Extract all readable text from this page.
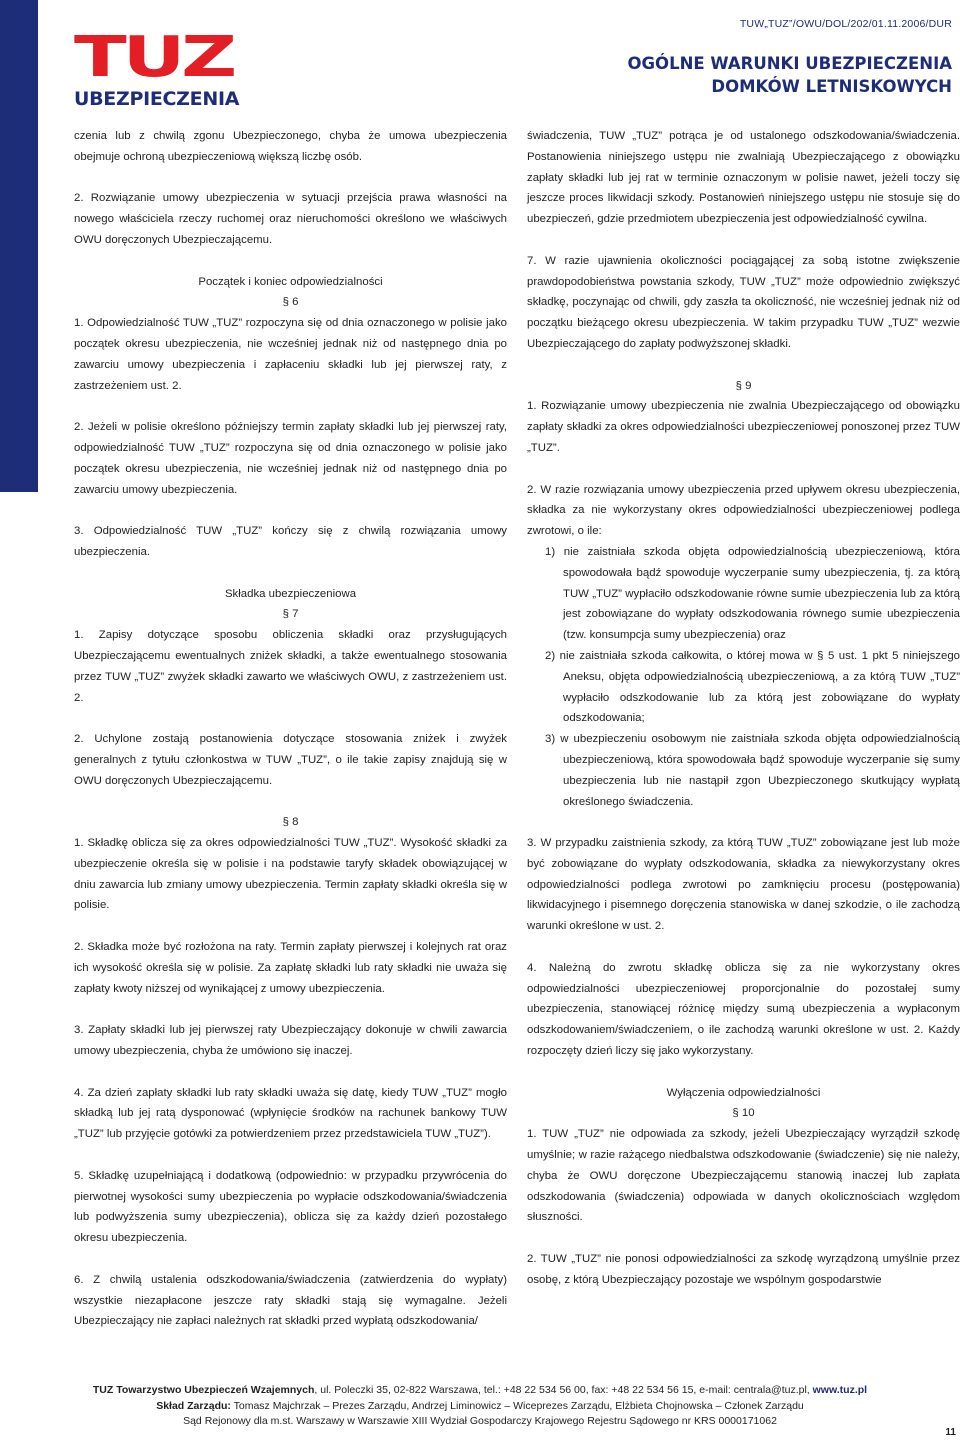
TUZ
UBEZPIECZENIA
TUW„TUZ”/OWU/DOL/202/01.11.2006/DUR
OGÓLNE WARUNKI UBEZPIECZENIA
DOMKÓW LETNISKOWYCH

czenia lub z chwilą zgonu Ubezpieczonego, chyba że umowa ubezpieczenia obejmuje ochroną ubezpieczeniową większą liczbę osób.

2. Rozwiązanie umowy ubezpieczenia w sytuacji przejścia prawa własności na nowego właściciela rzeczy ruchomej oraz nieruchomości określono we właściwych OWU doręczonych Ubezpieczającemu.

Początek i koniec odpowiedzialności

§ 6

1. Odpowiedzialność TUW „TUZ” rozpoczyna się od dnia oznaczonego w polisie jako początek okresu ubezpieczenia, nie wcześniej jednak niż od następnego dnia po zawarciu umowy ubezpieczenia i zapłaceniu składki lub jej pierwszej raty, z zastrzeżeniem ust. 2.

2. Jeżeli w polisie określono późniejszy termin zapłaty składki lub jej pierwszej raty, odpowiedzialność TUW „TUZ” rozpoczyna się od dnia oznaczonego w polisie jako początek okresu ubezpieczenia, nie wcześniej jednak niż od następnego dnia po zawarciu umowy ubezpieczenia.

3. Odpowiedzialność TUW „TUZ” kończy się z chwilą rozwiązania umowy ubezpieczenia.

Składka ubezpieczeniowa

§ 7

1. Zapisy dotyczące sposobu obliczenia składki oraz przysługujących Ubezpieczającemu ewentualnych zniżek składki, a także ewentualnego stosowania przez TUW „TUZ” zwyżek składki zawarto we właściwych OWU, z zastrzeżeniem ust. 2.

2. Uchylone zostają postanowienia dotyczące stosowania zniżek i zwyżek generalnych z tytułu członkostwa w TUW „TUZ”, o ile takie zapisy znajdują się w OWU doręczonych Ubezpieczającemu.

§ 8

1. Składkę oblicza się za okres odpowiedzialności TUW „TUZ”. Wysokość składki za ubezpieczenie określa się w polisie i na podstawie taryfy składek obowiązującej w dniu zawarcia lub zmiany umowy ubezpieczenia. Termin zapłaty składki określa się w polisie.

2. Składka może być rozłożona na raty. Termin zapłaty pierwszej i kolejnych rat oraz ich wysokość określa się w polisie. Za zapłatę składki lub raty składki nie uważa się zapłaty kwoty niższej od wynikającej z umowy ubezpieczenia.

3. Zapłaty składki lub jej pierwszej raty Ubezpieczający dokonuje w chwili zawarcia umowy ubezpieczenia, chyba że umówiono się inaczej.

4. Za dzień zapłaty składki lub raty składki uważa się datę, kiedy TUW „TUZ” mogło składką lub jej ratą dysponować (wpłynięcie środków na rachunek bankowy TUW „TUZ” lub przyjęcie gotówki za potwierdzeniem przez przedstawiciela TUW „TUZ”).

5. Składkę uzupełniającą i dodatkową (odpowiednio: w przypadku przywrócenia do pierwotnej wysokości sumy ubezpieczenia po wypłacie odszkodowania/świadczenia lub podwyższenia sumy ubezpieczenia), oblicza się za każdy dzień pozostałego okresu ubezpieczenia.

6. Z chwilą ustalenia odszkodowania/świadczenia (zatwierdzenia do wypłaty) wszystkie niezapłacone jeszcze raty składki stają się wymagalne. Jeżeli Ubezpieczający nie zapłaci należnych rat składki przed wypłatą odszkodowania/

świadczenia, TUW „TUZ” potrąca je od ustalonego odszkodowania/świadczenia. Postanowienia niniejszego ustępu nie zwalniają Ubezpieczającego z obowiązku zapłaty składki lub jej rat w terminie oznaczonym w polisie nawet, jeżeli toczy się jeszcze proces likwidacji szkody. Postanowień niniejszego ustępu nie stosuje się do ubezpieczeń, gdzie przedmiotem ubezpieczenia jest odpowiedzialność cywilna.

7. W razie ujawnienia okoliczności pociągającej za sobą istotne zwiększenie prawdopodobieństwa powstania szkody, TUW „TUZ” może odpowiednio zwiększyć składkę, poczynając od chwili, gdy zaszła ta okoliczność, nie wcześniej jednak niż od początku bieżącego okresu ubezpieczenia. W takim przypadku TUW „TUZ” wezwie Ubezpieczającego do zapłaty podwyższonej składki.

§ 9

1. Rozwiązanie umowy ubezpieczenia nie zwalnia Ubezpieczającego od obowiązku zapłaty składki za okres odpowiedzialności ubezpieczeniowej ponoszonej przez TUW „TUZ”.

2. W razie rozwiązania umowy ubezpieczenia przed upływem okresu ubezpieczenia, składka za nie wykorzystany okres odpowiedzialności ubezpieczeniowej podlega zwrotowi, o ile:

1) nie zaistniała szkoda objęta odpowiedzialnością ubezpieczeniową, która spowodowała bądź spowoduje wyczerpanie sumy ubezpieczenia, tj. za którą TUW „TUZ” wypłaciło odszkodowanie równe sumie ubezpieczenia lub za którą jest zobowiązane do wypłaty odszkodowania równego sumie ubezpieczenia (tzw. konsumpcja sumy ubezpieczenia) oraz

2) nie zaistniała szkoda całkowita, o której mowa w § 5 ust. 1 pkt 5 niniejszego Aneksu, objęta odpowiedzialnością ubezpieczeniową, a za którą TUW „TUZ” wypłaciło odszkodowanie lub za którą jest zobowiązane do wypłaty odszkodowania;

3) w ubezpieczeniu osobowym nie zaistniała szkoda objęta odpowiedzialnością ubezpieczeniową, która spowodowała bądź spowoduje wyczerpanie się sumy ubezpieczenia lub nie nastąpił zgon Ubezpieczonego skutkujący wypłatą określonego świadczenia.

3. W przypadku zaistnienia szkody, za którą TUW „TUZ” zobowiązane jest lub może być zobowiązane do wypłaty odszkodowania, składka za niewykorzystany okres odpowiedzialności podlega zwrotowi po zamknięciu procesu (postępowania) likwidacyjnego i pisemnego doręczenia stanowiska w danej szkodzie, o ile zachodzą warunki określone w ust. 2.

4. Należną do zwrotu składkę oblicza się za nie wykorzystany okres odpowiedzialności ubezpieczeniowej proporcjonalnie do pozostałej sumy ubezpieczenia, stanowiącej różnicę między sumą ubezpieczenia a wypłaconym odszkodowaniem/świadczeniem, o ile zachodzą warunki określone w ust. 2. Każdy rozpoczęty dzień liczy się jako wykorzystany.

Wyłączenia odpowiedzialności

§ 10

1. TUW „TUZ” nie odpowiada za szkody, jeżeli Ubezpieczający wyrządził szkodę umyślnie; w razie rażącego niedbalstwa odszkodowanie (świadczenie) się nie należy, chyba że OWU doręczone Ubezpieczającemu stanowią inaczej lub zapłata odszkodowania (świadczenia) odpowiada w danych okolicznościach względom słuszności.

2. TUW „TUZ” nie ponosi odpowiedzialności za szkodę wyrządzoną umyślnie przez osobę, z którą Ubezpieczający pozostaje we wspólnym gospodarstwie

TUZ Towarzystwo Ubezpieczeń Wzajemnych, ul. Poleczki 35, 02-822 Warszawa, tel.: +48 22 534 56 00, fax: +48 22 534 56 15, e-mail: centrala@tuz.pl, www.tuz.pl
Skład Zarządu: Tomasz Majchrzak – Prezes Zarządu, Andrzej Liminowicz – Wiceprezes Zarządu, Elżbieta Chojnowska – Członek Zarządu
Sąd Rejonowy dla m.st. Warszawy w Warszawie XIII Wydział Gospodarczy Krajowego Rejestru Sądowego nr KRS 0000171062
11
